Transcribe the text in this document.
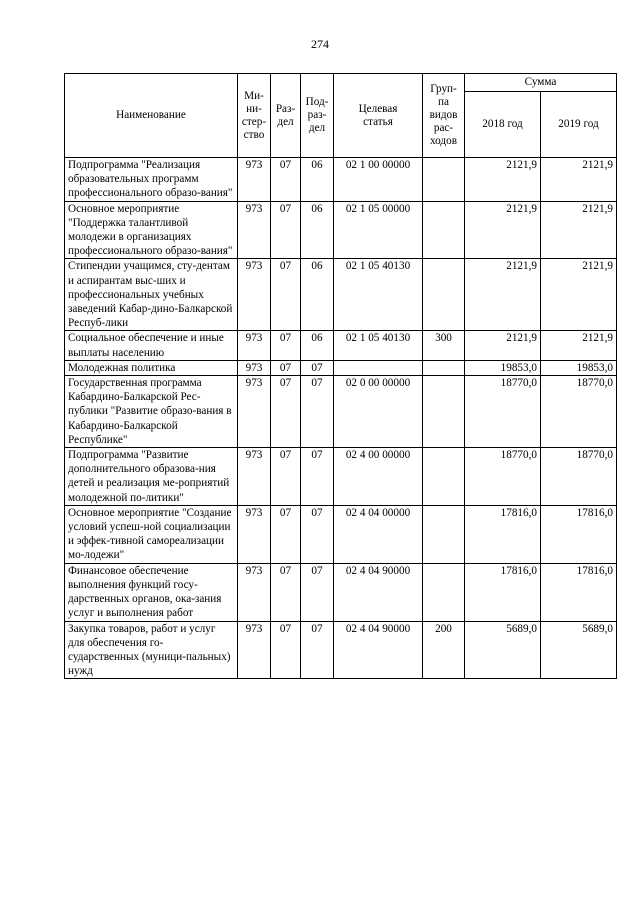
274
Наименование	Ми-
ни-
стер-
ство	Раз-
дел	Под-
раз-
дел	Целевая
статья	Груп-
па
видов
рас-
ходов	Сумма	
						2018 год	2019 год
Подпрограмма "Реализация образовательных программ профессионального образо-вания"	973	07	06	02 1 00 00000		2121,9	2121,9
Основное мероприятие "Поддержка талантливой молодежи в организациях профессионального образо-вания"	973	07	06	02 1 05 00000		2121,9	2121,9
Стипендии учащимся, сту-дентам и аспирантам выс-ших и профессиональных учебных заведений Кабар-дино-Балкарской Респуб-лики	973	07	06	02 1 05 40130		2121,9	2121,9
Социальное обеспечение и иные выплаты населению	973	07	06	02 1 05 40130	300	2121,9	2121,9
Молодежная политика	973	07	07			19853,0	19853,0
Государственная программа Кабардино-Балкарской Рес-публики "Развитие образо-вания в Кабардино-Балкарской Республике"	973	07	07	02 0 00 00000		18770,0	18770,0
Подпрограмма "Развитие дополнительного образова-ния детей и реализация ме-роприятий молодежной по-литики"	973	07	07	02 4 00 00000		18770,0	18770,0
Основное мероприятие "Создание условий успеш-ной социализации и эффек-тивной самореализации мо-лодежи"	973	07	07	02 4 04 00000		17816,0	17816,0
Финансовое обеспечение выполнения функций госу-дарственных органов, ока-зания услуг и выполнения работ	973	07	07	02 4 04 90000		17816,0	17816,0
Закупка товаров, работ и услуг для обеспечения го-сударственных (муници-пальных) нужд	973	07	07	02 4 04 90000	200	5689,0	5689,0
